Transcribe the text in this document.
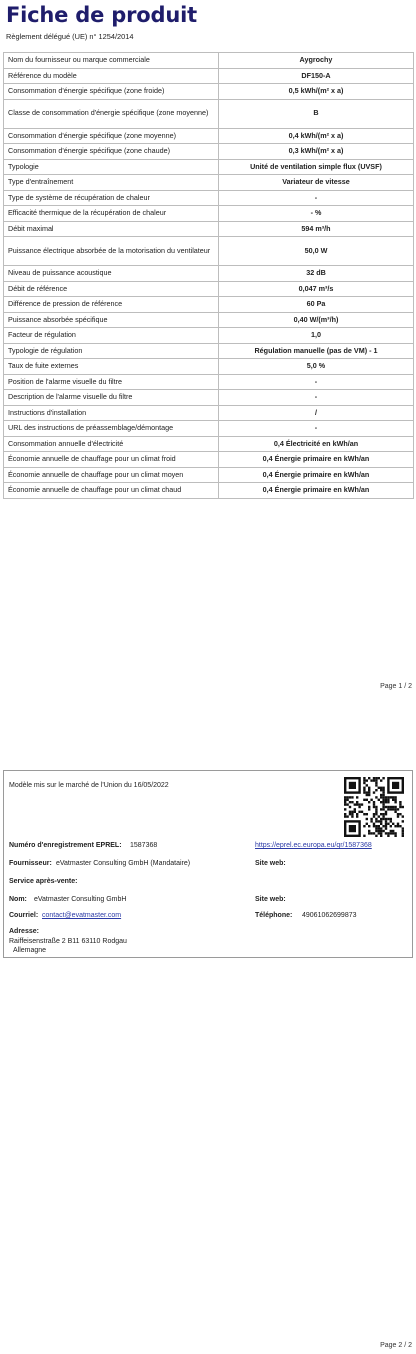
Fiche de produit
Règlement délégué (UE) n° 1254/2014
Nom du fournisseur ou marque commerciale	Aygrochy
Référence du modèle	DF150-A
Consommation d'énergie spécifique (zone froide)	0,5 kWh/(m² x a)
Classe de consommation d'énergie spécifique (zone moyenne)	B
Consommation d'énergie spécifique (zone moyenne)	0,4 kWh/(m² x a)
Consommation d'énergie spécifique (zone chaude)	0,3 kWh/(m² x a)
Typologie	Unité de ventilation simple flux (UVSF)
Type d'entraînement	Variateur de vitesse
Type de système de récupération de chaleur	-
Efficacité thermique de la récupération de chaleur	- %
Débit maximal	594 m³/h
Puissance électrique absorbée de la motorisation du ventilateur	50,0 W
Niveau de puissance acoustique	32 dB
Débit de référence	0,047 m³/s
Différence de pression de référence	60 Pa
Puissance absorbée spécifique	0,40 W/(m³/h)
Facteur de régulation	1,0
Typologie de régulation	Régulation manuelle (pas de VM) - 1
Taux de fuite externes	5,0 %
Position de l'alarme visuelle du filtre	-
Description de l'alarme visuelle du filtre	-
Instructions d'installation	/
URL des instructions de préassemblage/démontage	-
Consommation annuelle d'électricité	0,4 Électricité en kWh/an
Économie annuelle de chauffage pour un climat froid	0,4 Énergie primaire en kWh/an
Économie annuelle de chauffage pour un climat moyen	0,4 Énergie primaire en kWh/an
Économie annuelle de chauffage pour un climat chaud	0,4 Énergie primaire en kWh/an
Page 1 / 2
Modèle mis sur le marché de l'Union du 16/05/2022
Numéro d'enregistrement EPREL: 1587368	https://eprel.ec.europa.eu/qr/1587368
Fournisseur: eVatmaster Consulting GmbH (Mandataire)	Site web:
Service après-vente:
Nom: eVatmaster Consulting GmbH	Site web:
Courriel: contact@evatmaster.com	Téléphone: 49061062699873
Adresse:
Raiffeisenstraße 2 B11 63110 Rodgau
Allemagne
Page 2 / 2
